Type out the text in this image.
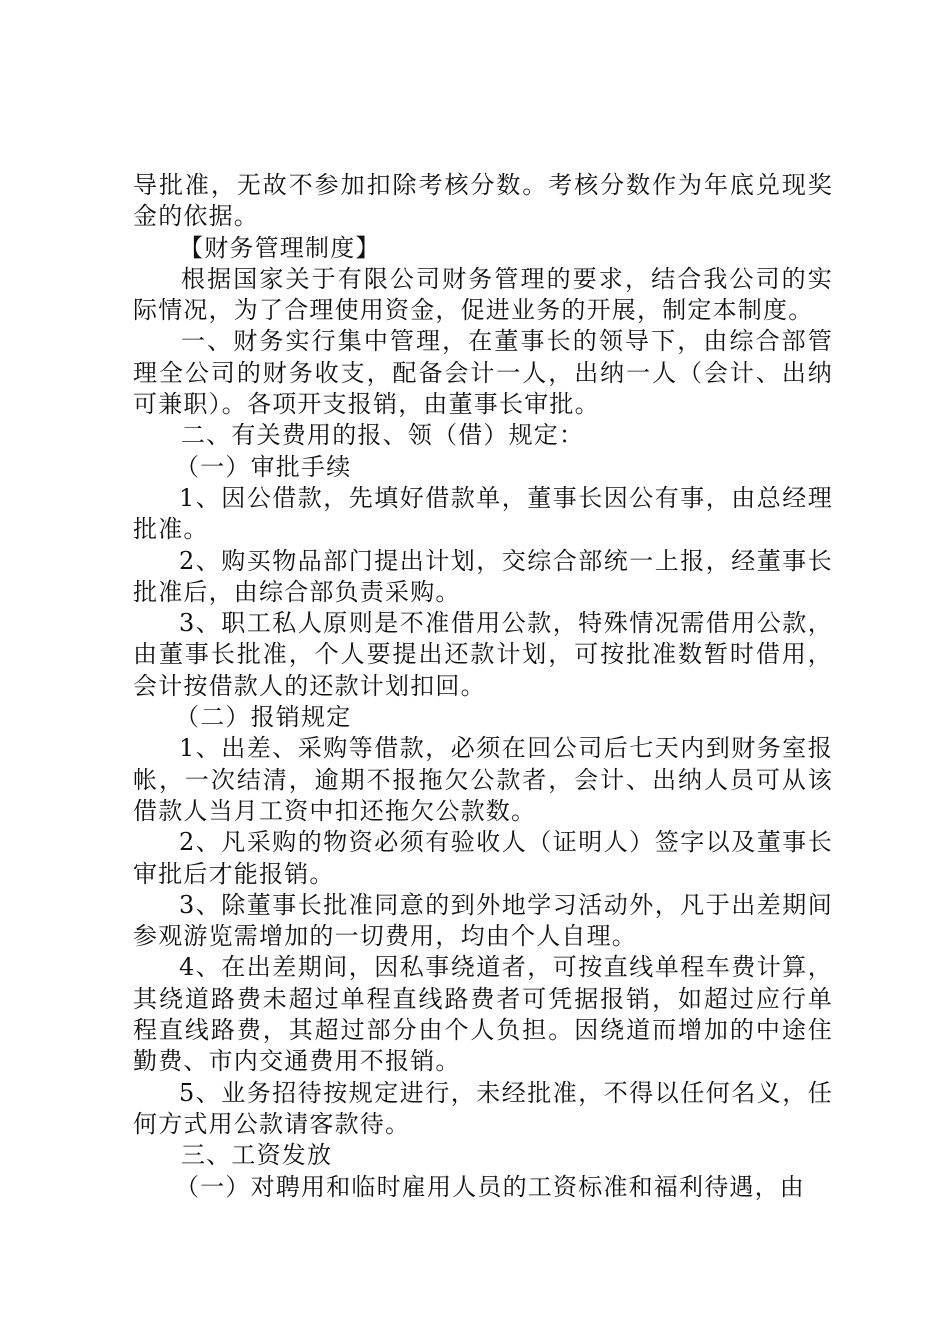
导批准，无故不参加扣除考核分数。考核分数作为年底兑现奖金的依据。

【财务管理制度】

根据国家关于有限公司财务管理的要求，结合我公司的实际情况，为了合理使用资金，促进业务的开展，制定本制度。

一、财务实行集中管理，在董事长的领导下，由综合部管理全公司的财务收支，配备会计一人，出纳一人（会计、出纳可兼职）。各项开支报销，由董事长审批。

二、有关费用的报、领（借）规定：

（一）审批手续

1、因公借款，先填好借款单，董事长因公有事，由总经理批准。

2、购买物品部门提出计划，交综合部统一上报，经董事长批准后，由综合部负责采购。

3、职工私人原则是不准借用公款，特殊情况需借用公款，由董事长批准，个人要提出还款计划，可按批准数暂时借用，会计按借款人的还款计划扣回。

（二）报销规定

1、出差、采购等借款，必须在回公司后七天内到财务室报帐，一次结清，逾期不报拖欠公款者，会计、出纳人员可从该借款人当月工资中扣还拖欠公款数。

2、凡采购的物资必须有验收人（证明人）签字以及董事长审批后才能报销。

3、除董事长批准同意的到外地学习活动外，凡于出差期间参观游览需增加的一切费用，均由个人自理。

4、在出差期间，因私事绕道者，可按直线单程车费计算，其绕道路费未超过单程直线路费者可凭据报销，如超过应行单程直线路费，其超过部分由个人负担。因绕道而增加的中途住勤费、市内交通费用不报销。

5、业务招待按规定进行，未经批准，不得以任何名义，任何方式用公款请客款待。

三、工资发放

（一）对聘用和临时雇用人员的工资标准和福利待遇，由
